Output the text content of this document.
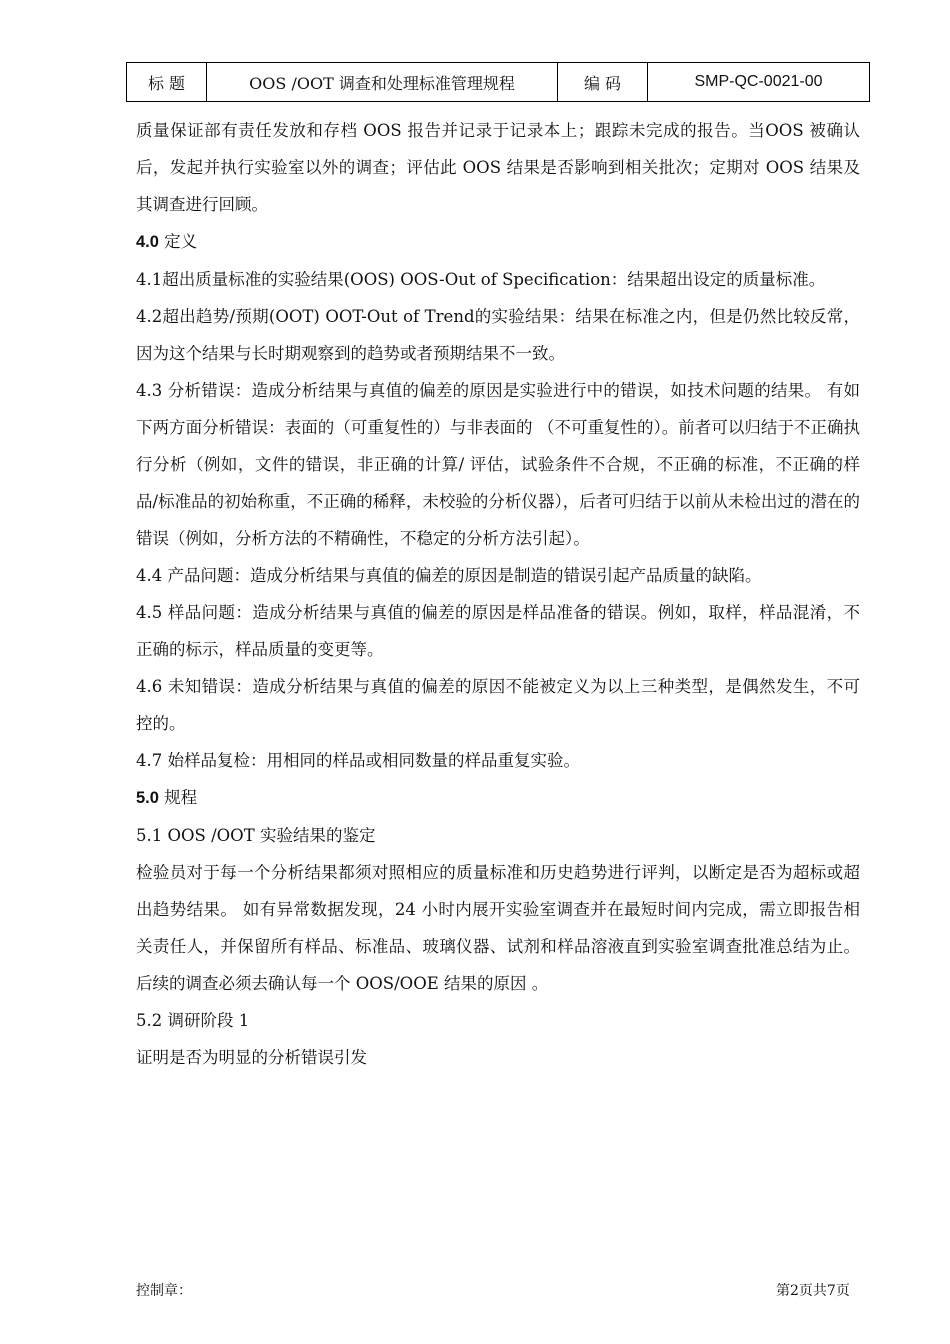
标 题	OOS /OOT 调查和处理标准管理规程	编 码	SMP-QC-0021-00

质量保证部有责任发放和存档 OOS 报告并记录于记录本上；跟踪未完成的报告。当OOS 被确认后，发起并执行实验室以外的调查；评估此 OOS 结果是否影响到相关批次；定期对 OOS 结果及其调查进行回顾。

4.0 定义

4.1超出质量标准的实验结果(OOS) OOS-Out of Specification：结果超出设定的质量标准。

4.2超出趋势/预期(OOT) OOT-Out of Trend的实验结果：结果在标准之内，但是仍然比较反常，因为这个结果与长时期观察到的趋势或者预期结果不一致。

4.3 分析错误：造成分析结果与真值的偏差的原因是实验进行中的错误，如技术问题的结果。 有如下两方面分析错误：表面的（可重复性的）与非表面的 （不可重复性的）。前者可以归结于不正确执行分析（例如，文件的错误，非正确的计算/ 评估，试验条件不合规，不正确的标准，不正确的样品/标准品的初始称重，不正确的稀释，未校验的分析仪器），后者可归结于以前从未检出过的潜在的错误（例如，分析方法的不精确性，不稳定的分析方法引起）。

4.4 产品问题：造成分析结果与真值的偏差的原因是制造的错误引起产品质量的缺陷。

4.5 样品问题：造成分析结果与真值的偏差的原因是样品准备的错误。例如，取样，样品混淆，不正确的标示，样品质量的变更等。

4.6 未知错误：造成分析结果与真值的偏差的原因不能被定义为以上三种类型，是偶然发生，不可控的。

4.7 始样品复检：用相同的样品或相同数量的样品重复实验。

5.0 规程

5.1 OOS /OOT 实验结果的鉴定

检验员对于每一个分析结果都须对照相应的质量标准和历史趋势进行评判，以断定是否为超标或超出趋势结果。 如有异常数据发现，24 小时内展开实验室调查并在最短时间内完成，需立即报告相关责任人，并保留所有样品、标准品、玻璃仪器、试剂和样品溶液直到实验室调查批准总结为止。后续的调查必须去确认每一个 OOS/OOE 结果的原因 。

5.2 调研阶段 1

证明是否为明显的分析错误引发

控制章：	第2页共7页
